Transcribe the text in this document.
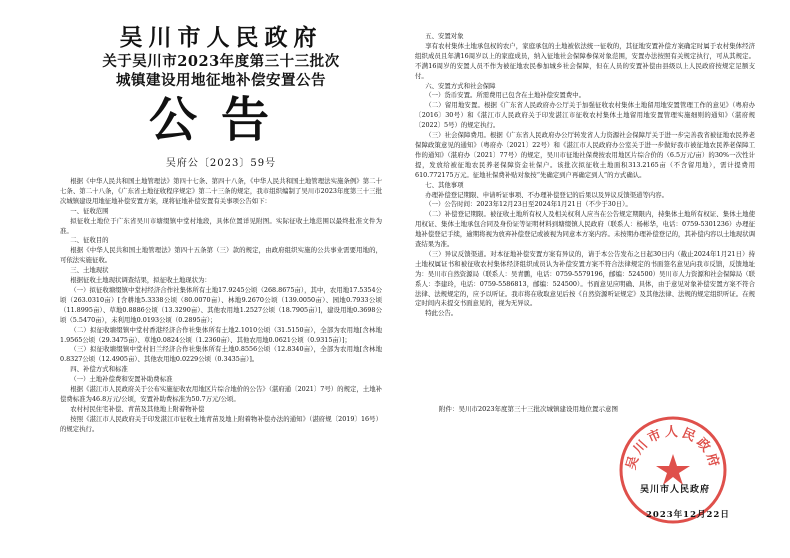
吴川市人民政府
关于吴川市2023年度第三十三批次
城镇建设用地征地补偿安置公告
公告
吴府公〔2023〕59号

根据《中华人民共和国土地管理法》第四十七条、第四十八条，《中华人民共和国土地管理法实施条例》第二十七条、第二十八条，《广东省土地征收程序规定》第二十三条的规定，我市组织编制了吴川市2023年度第三十三批次城镇建设用地征地补偿安置方案，现将征地补偿安置有关事项公告如下：

一、征收范围

拟征收土地位于广东省吴川市塘缀镇中堂村地段，具体位置详见附图。实际征收土地范围以最终批准文件为准。

二、征收目的

根据《中华人民共和国土地管理法》第四十五条第（三）款的规定，由政府组织实施的公共事业需要用地的，可依法实施征收。

三、土地现状

根据征收土地现状调查结果，拟征收土地现状为：

（一）拟征收塘缀镇中堂村经济合作社集体所有土地17.9245公顷（268.8675亩），其中，农用地17.5354公顷（263.0310亩）[含耕地5.3338公顷（80.0070亩）、林地9.2670公顷（139.0050亩）、园地0.7933公顷（11.8995亩）、草地0.8886公顷（13.3290亩）、其他农用地1.2527公顷（18.7905亩）]，建设用地0.3698公顷（5.5470亩），未利用地0.0193公顷（0.2895亩）；

（二）拟征收塘缀镇中堂村香港经济合作社集体所有土地2.1010公顷（31.5150亩），全部为农用地[含林地1.9565公顷（29.3475亩）、草地0.0824公顷（1.2360亩）、其他农用地0.0621公顷（0.9315亩）]；

（三）拟征收塘缀镇中堂村旧兰经济合作社集体所有土地0.8556公顷（12.8340亩），全部为农用地[含林地0.8327公顷（12.4905亩）、其他农用地0.0229公顷（0.3435亩）]。

四、补偿方式和标准

（一）土地补偿费和安置补助费标准

根据《湛江市人民政府关于公布实施征收农用地区片综合地价的公告》（湛府通〔2021〕7号）的规定，土地补偿费标准为46.8万元/公顷，安置补助费标准为50.7万元/公顷。

农村村民住宅补偿、青苗及其他地上附着物补偿

按照《湛江市人民政府关于印发湛江市征收土地青苗及地上附着物补偿办法的通知》（湛府规〔2019〕16号）的规定执行。

五、安置对象

享有农村集体土地承包权的农户，家庭承包的土地被依法统一征收的，其征地安置补偿方案确定时属于农村集体经济组织成员且年满16周岁以上的家庭成员，纳入征地社会保障参保对象范围，安置办法按照有关规定执行，可从其规定。不满16周岁的安置人员不作为被征地农民参加城乡社会保障，但在人员的安置补偿由县级以上人民政府按规定足额支付。

六、安置方式和社会保障

（一）货币安置。所需费用已包含在土地补偿安置费中。

（二）留用地安置。根据《广东省人民政府办公厅关于加强征收农村集体土地留用地安置管理工作的意见》（粤府办〔2016〕30号）和《湛江市人民政府关于印发湛江市征收农村集体土地留用地安置管理实施细则的通知》（湛府规〔2022〕5号）的规定执行。

（三）社会保障费用。根据《广东省人民政府办公厅转发省人力资源社会保障厅关于进一步完善我省被征地农民养老保障政策意见的通知》（粤府办〔2021〕22号）和《湛江市人民政府办公室关于进一步做好我市被征地农民养老保障工作的通知》（湛府办〔2021〕77号）的规定，吴川市征地社保费按农用地区片综合价的（6.5万元/亩）的30%一次性计提，发放给被征地农民养老保障资金社保户。该批次拟征收土地面积313.2165亩（不含留用地），需计提费用610.772175万元。征地社保费补贴对象按“先确定到户再确定到人”的方式确认。

七、其他事项

办理补偿登记期限、申请听证事项、不办理补偿登记的后果以及异议反馈渠道等内容。

（一）公告时间：2023年12月23日至2024年1月21日（不少于30日）。

（二）补偿登记期限。被征收土地所有权人及相关权利人应当在公告规定期限内，持集体土地所有权证、集体土地使用权证、集体土地承包合同及身份证等证明材料到塘缀镇人民政府（联系人：杨彬华，电话：0759-5301236）办理征地补偿登记手续，逾期将视为放弃补偿登记或被视为同意本方案内容。未按期办理补偿登记的，其补偿内容以土地现状调查结果为准。

（三）异议反馈渠道。对本征地补偿安置方案有异议的，请于本公告发布之日起30日内（截止2024年1月21日）持土地权属证书和被征收农村集体经济组织成员认为补偿安置方案不符合法律规定的书面签名意见向我市反馈，反馈地址为：吴川市自然资源局（联系人：吴青鹏，电话：0759-5579196，邮编：524500）吴川市人力资源和社会保障局（联系人：李建玲，电话：0759-5586813，邮编：524500）。书面意见应明确、具体，由于意见对象补偿安置方案不符合法律、法规规定的，应予以听证。我市将在收取意见后按《自然资源听证规定》及其他法律、法规的规定组织听证。在规定时间内未提交书面意见的，视为无异议。

特此公告。

附件：吴川市2023年度第三十三批次城镇建设用地位置示意图
吴川市人民政府
吴川市人民政府
2023年12月22日
